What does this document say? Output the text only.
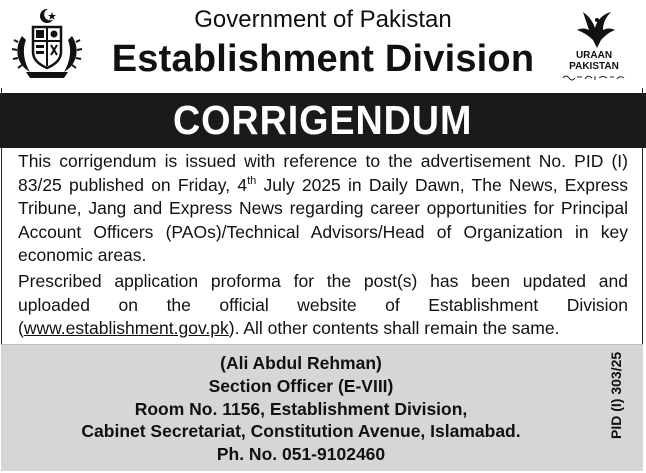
Government of Pakistan
Establishment Division	URAAN
PAKISTAN
CORRIGENDUM

This corrigendum is issued with reference to the advertisement No. PID (I) 83/25 published on Friday, 4th July 2025 in Daily Dawn, The News, Express Tribune, Jang and Express News regarding career opportunities for Principal Account Officers (PAOs)/Technical Advisors/Head of Organization in key economic areas.

Prescribed application proforma for the post(s) has been updated and uploaded on the official website of Establishment Division (www.establishment.gov.pk). All other contents shall remain the same.

(Ali Abdul Rehman)
Section Officer (E-VIII)
Room No. 1156, Establishment Division,
Cabinet Secretariat, Constitution Avenue, Islamabad.
Ph. No. 051-9102460
PID (I) 303/25
